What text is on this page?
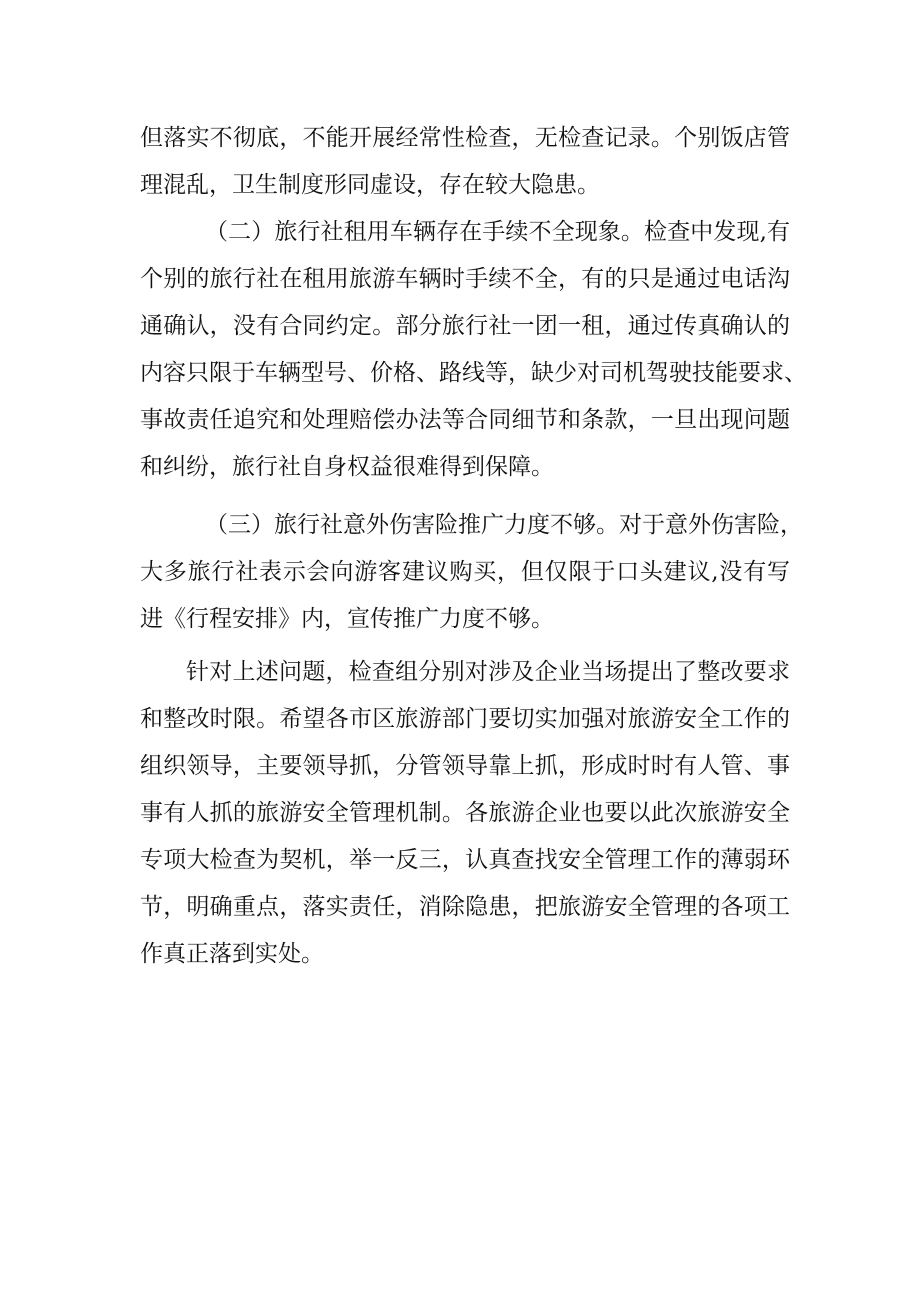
但落实不彻底，不能开展经常性检查，无检查记录。个别饭店管
理混乱，卫生制度形同虚设，存在较大隐患。
（二）旅行社租用车辆存在手续不全现象。检查中发现,有
个别的旅行社在租用旅游车辆时手续不全，有的只是通过电话沟
通确认，没有合同约定。部分旅行社一团一租，通过传真确认的
内容只限于车辆型号、价格、路线等，缺少对司机驾驶技能要求、
事故责任追究和处理赔偿办法等合同细节和条款，一旦出现问题
和纠纷，旅行社自身权益很难得到保障。
（三）旅行社意外伤害险推广力度不够。对于意外伤害险，
大多旅行社表示会向游客建议购买，但仅限于口头建议,没有写
进《行程安排》内，宣传推广力度不够。
针对上述问题，检查组分别对涉及企业当场提出了整改要求
和整改时限。希望各市区旅游部门要切实加强对旅游安全工作的
组织领导，主要领导抓，分管领导靠上抓，形成时时有人管、事
事有人抓的旅游安全管理机制。各旅游企业也要以此次旅游安全
专项大检查为契机，举一反三，认真查找安全管理工作的薄弱环
节，明确重点，落实责任，消除隐患，把旅游安全管理的各项工
作真正落到实处。
